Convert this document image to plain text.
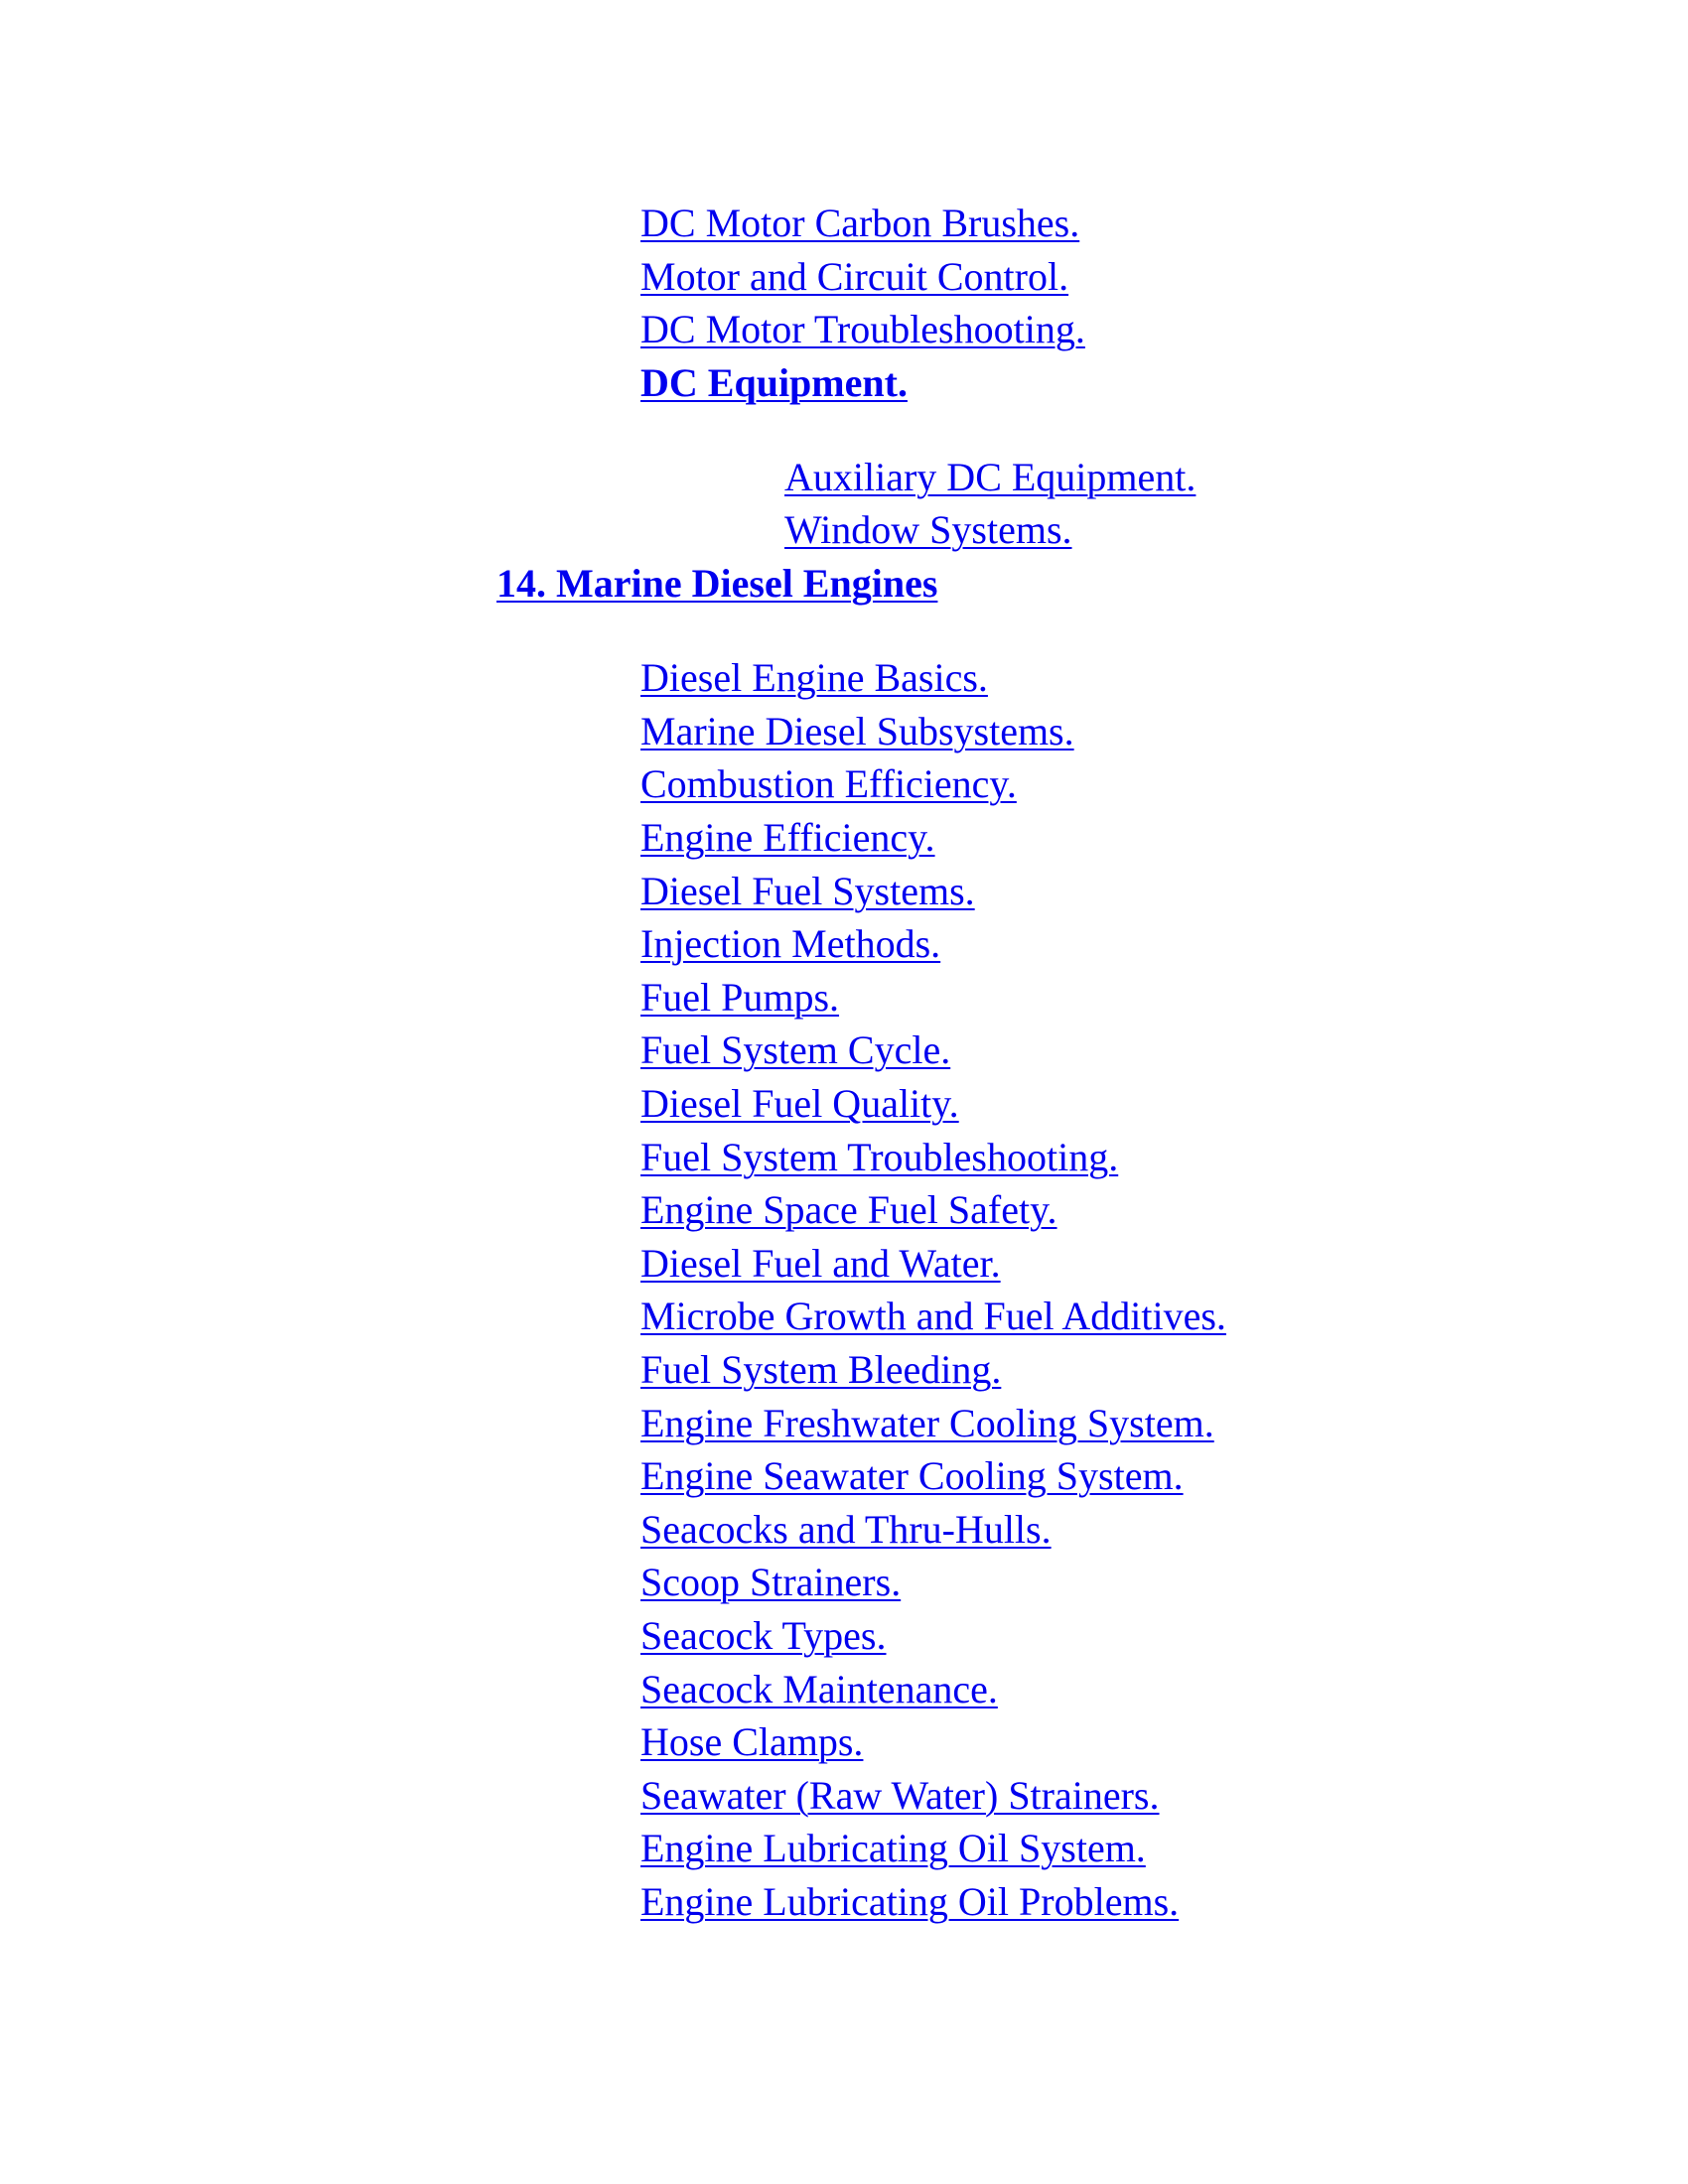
DC Motor Carbon Brushes.
Motor and Circuit Control.
DC Motor Troubleshooting.
DC Equipment.
Auxiliary DC Equipment.
Window Systems.
14. Marine Diesel Engines
Diesel Engine Basics.
Marine Diesel Subsystems.
Combustion Efficiency.
Engine Efficiency.
Diesel Fuel Systems.
Injection Methods.
Fuel Pumps.
Fuel System Cycle.
Diesel Fuel Quality.
Fuel System Troubleshooting.
Engine Space Fuel Safety.
Diesel Fuel and Water.
Microbe Growth and Fuel Additives.
Fuel System Bleeding.
Engine Freshwater Cooling System.
Engine Seawater Cooling System.
Seacocks and Thru-Hulls.
Scoop Strainers.
Seacock Types.
Seacock Maintenance.
Hose Clamps.
Seawater (Raw Water) Strainers.
Engine Lubricating Oil System.
Engine Lubricating Oil Problems.
